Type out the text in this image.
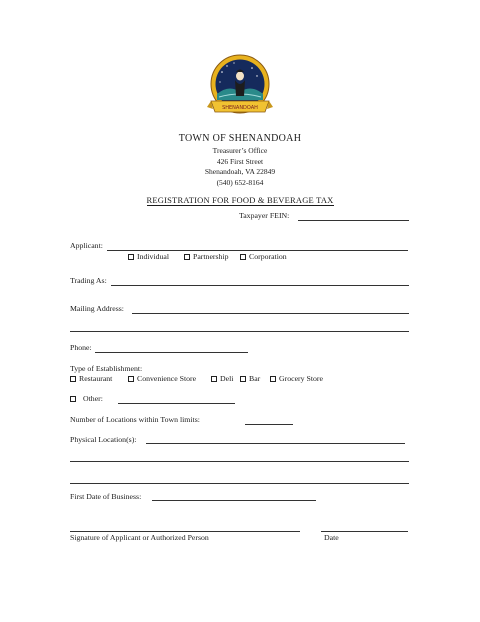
SHENANDOAH
TOWN OF SHENANDOAH
Treasurer’s Office
426 First Street
Shenandoah, VA 22849
(540) 652-8164
REGISTRATION FOR FOOD & BEVERAGE TAX
Taxpayer FEIN:
Applicant:
Individual	Partnership	Corporation
Trading As:
Mailing Address:
Phone:
Type of Establishment:
Restaurant	Convenience Store	Deli	Bar	Grocery Store
Other:
Number of Locations within Town limits:
Physical Location(s):
First Date of Business:
Signature of Applicant or Authorized Person	Date
